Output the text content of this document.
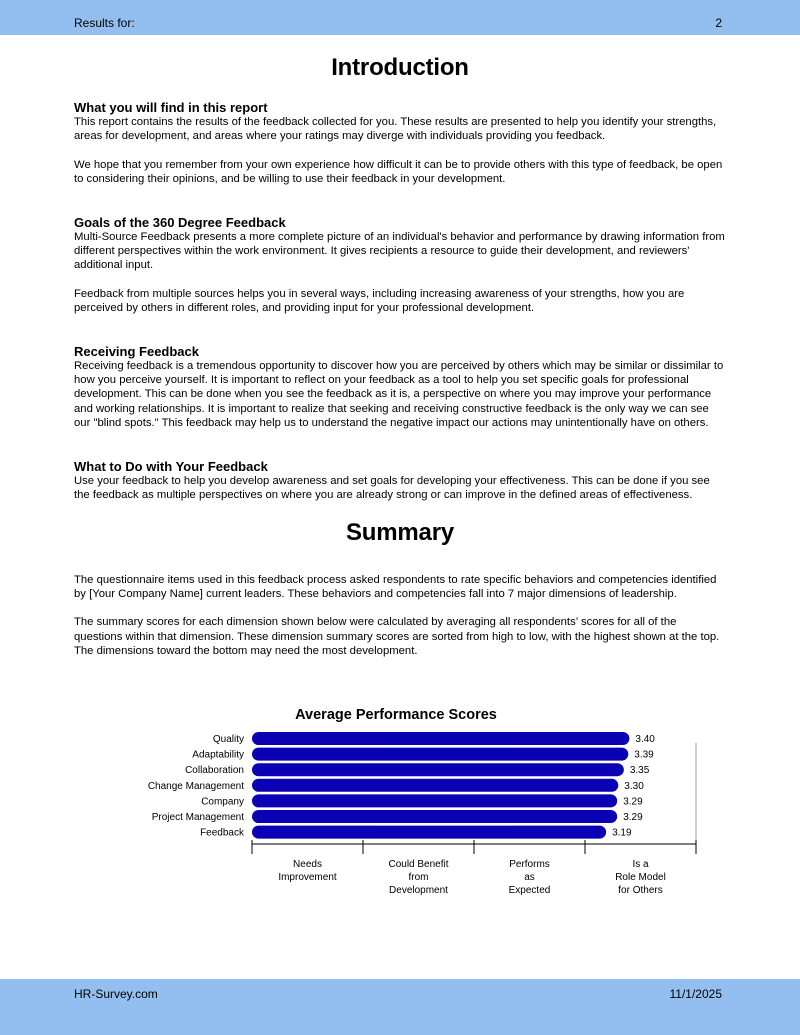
Results for:	2
Introduction
What you will find in this report

This report contains the results of the feedback collected for you. These results are presented to help you identify your strengths, areas for development, and areas where your ratings may diverge with individuals providing you feedback.

We hope that you remember from your own experience how difficult it can be to provide others with this type of feedback, be open to considering their opinions, and be willing to use their feedback in your development.

Goals of the 360 Degree Feedback

Multi-Source Feedback presents a more complete picture of an individual's behavior and performance by drawing information from different perspectives within the work environment. It gives recipients a resource to guide their development, and reviewers' additional input.

Feedback from multiple sources helps you in several ways, including increasing awareness of your strengths, how you are perceived by others in different roles, and providing input for your professional development.

Receiving Feedback

Receiving feedback is a tremendous opportunity to discover how you are perceived by others which may be similar or dissimilar to how you perceive yourself. It is important to reflect on your feedback as a tool to help you set specific goals for professional development. This can be done when you see the feedback as it is, a perspective on where you may improve your performance and working relationships. It is important to realize that seeking and receiving constructive feedback is the only way we can see our "blind spots." This feedback may help us to understand the negative impact our actions may unintentionally have on others.

What to Do with Your Feedback

Use your feedback to help you develop awareness and set goals for developing your effectiveness. This can be done if you see the feedback as multiple perspectives on where you are already strong or can improve in the defined areas of effectiveness.

Summary

The questionnaire items used in this feedback process asked respondents to rate specific behaviors and competencies identified by [Your Company Name] current leaders. These behaviors and competencies fall into 7 major dimensions of leadership.

The summary scores for each dimension shown below were calculated by averaging all respondents’ scores for all of the questions within that dimension. These dimension summary scores are sorted from high to low, with the highest shown at the top. The dimensions toward the bottom may need the most development.

Average Performance Scores
Quality	3.40
Adaptability	3.39
Collaboration	3.35
Change Management	3.30
Company	3.29
Project Management	3.29
Feedback	3.19
Needs Improvement
Could Benefit from Development
Performs as Expected
Is a Role Model for Others
HR-Survey.com	11/1/2025
